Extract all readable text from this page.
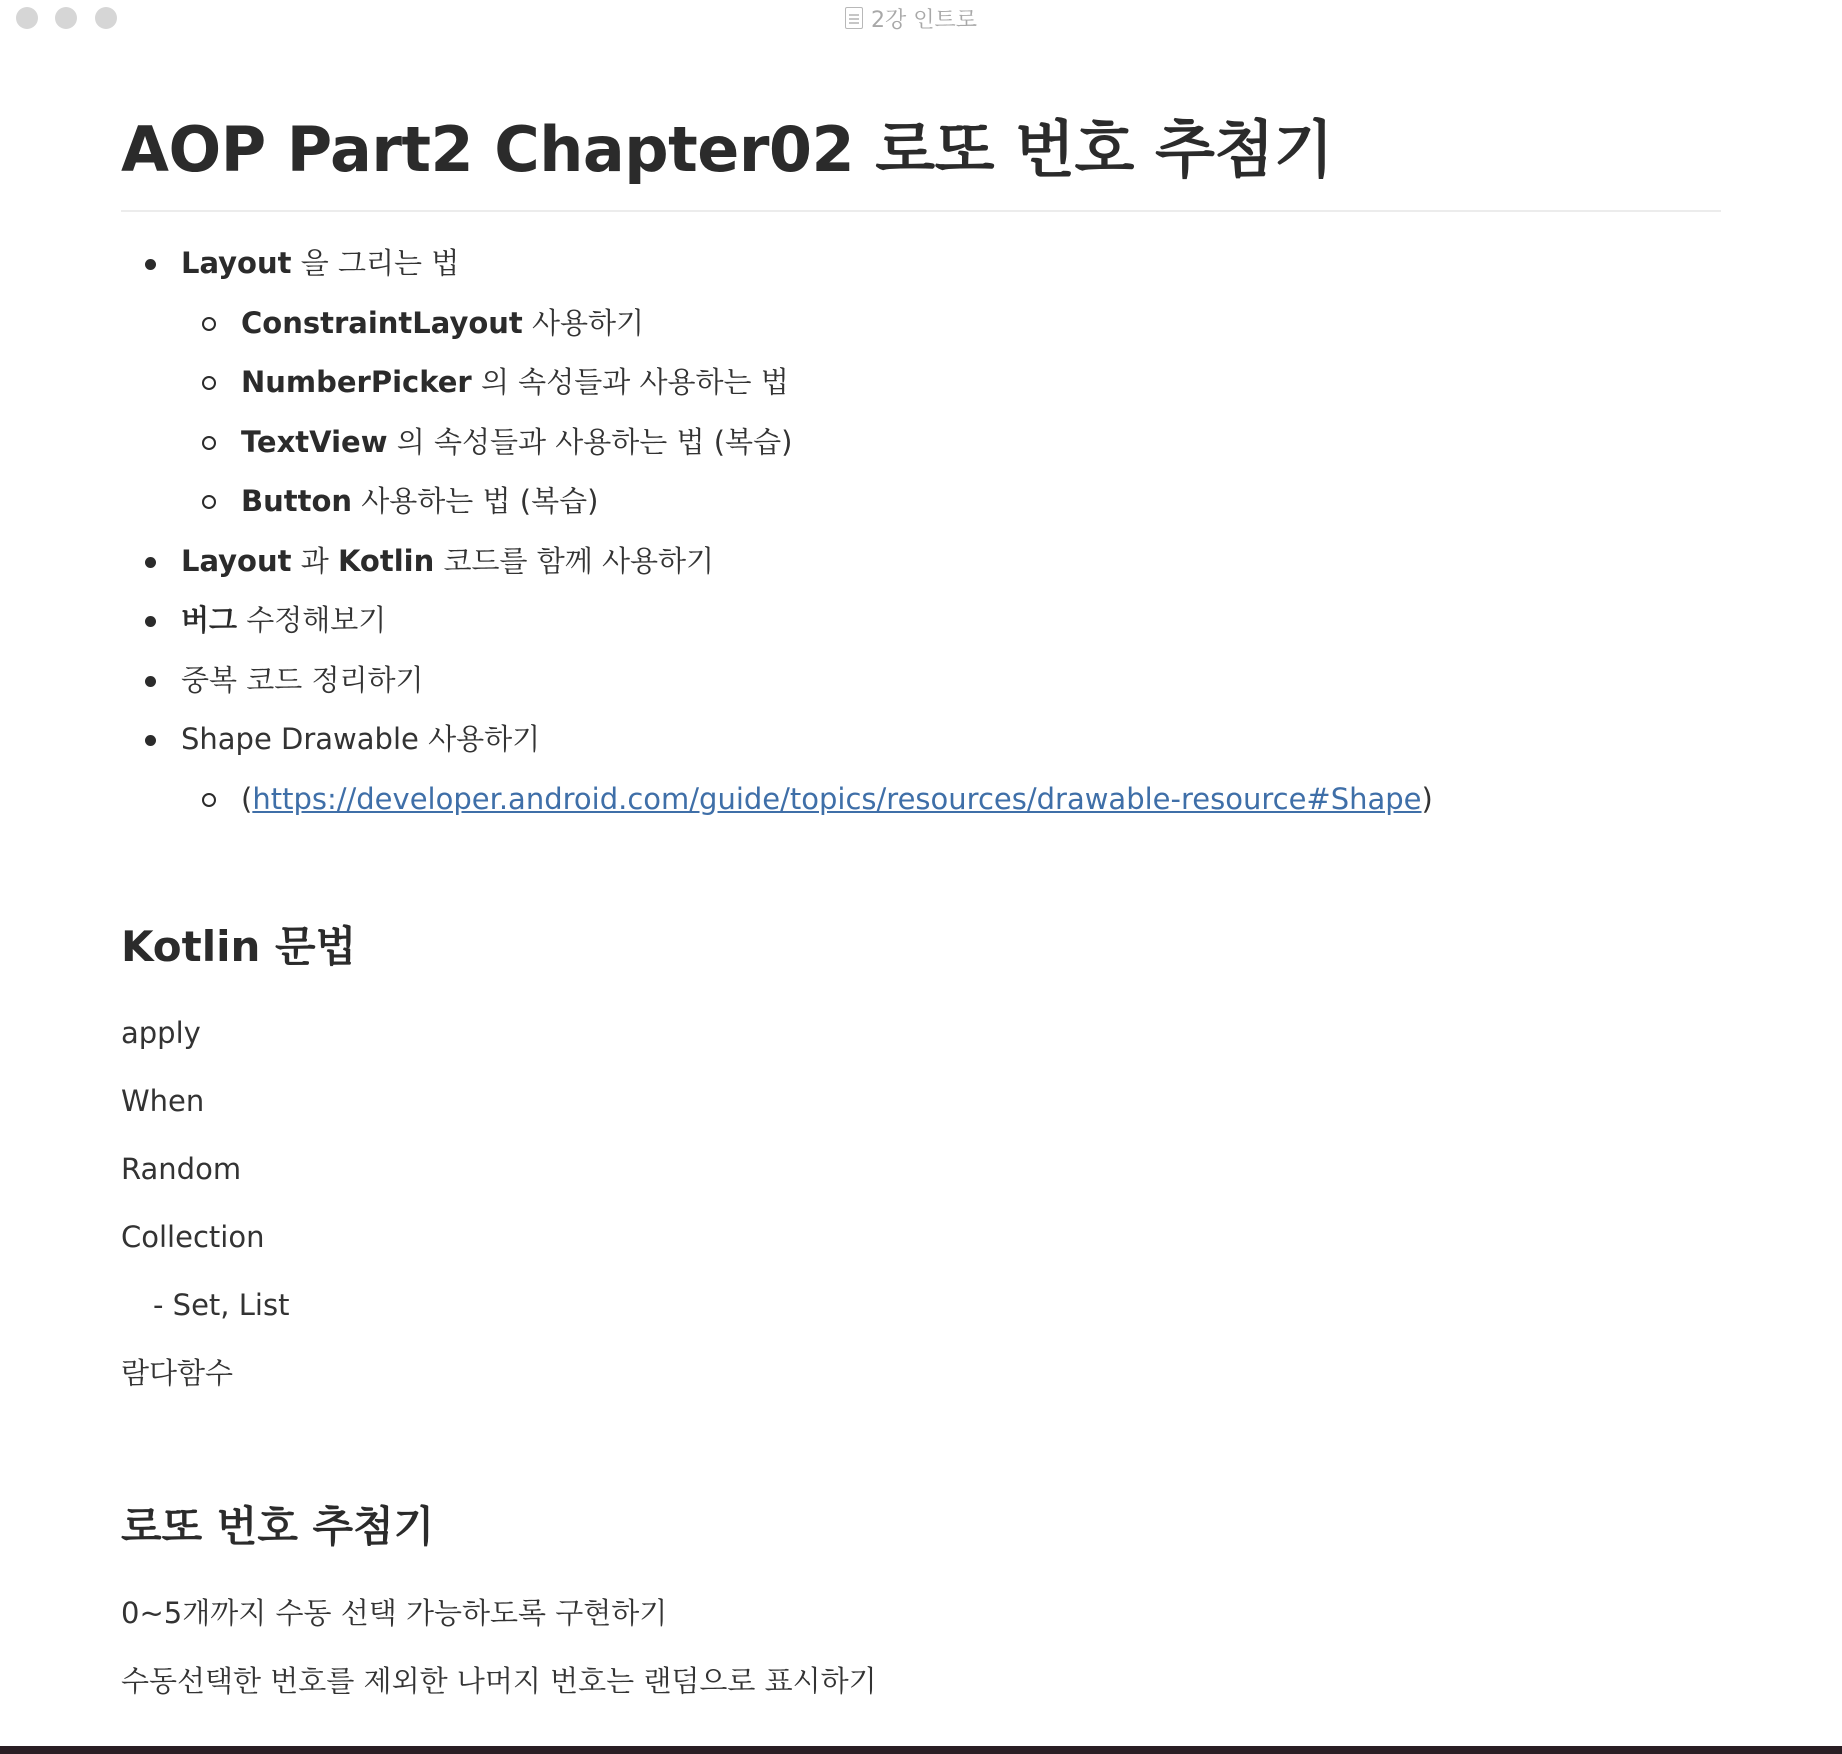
2강 인트로
AOP Part2 Chapter02 로또 번호 추첨기
Layout 을 그리는 법
ConstraintLayout 사용하기
NumberPicker 의 속성들과 사용하는 법
TextView 의 속성들과 사용하는 법 (복습)
Button 사용하는 법 (복습)
Layout 과 Kotlin 코드를 함께 사용하기
버그 수정해보기
중복 코드 정리하기
Shape Drawable 사용하기
(https://developer.android.com/guide/topics/resources/drawable-resource#Shape)
Kotlin 문법

apply

When

Random

Collection

- Set, List

람다함수

로또 번호 추첨기

0~5개까지 수동 선택 가능하도록 구현하기

수동선택한 번호를 제외한 나머지 번호는 랜덤으로 표시하기
